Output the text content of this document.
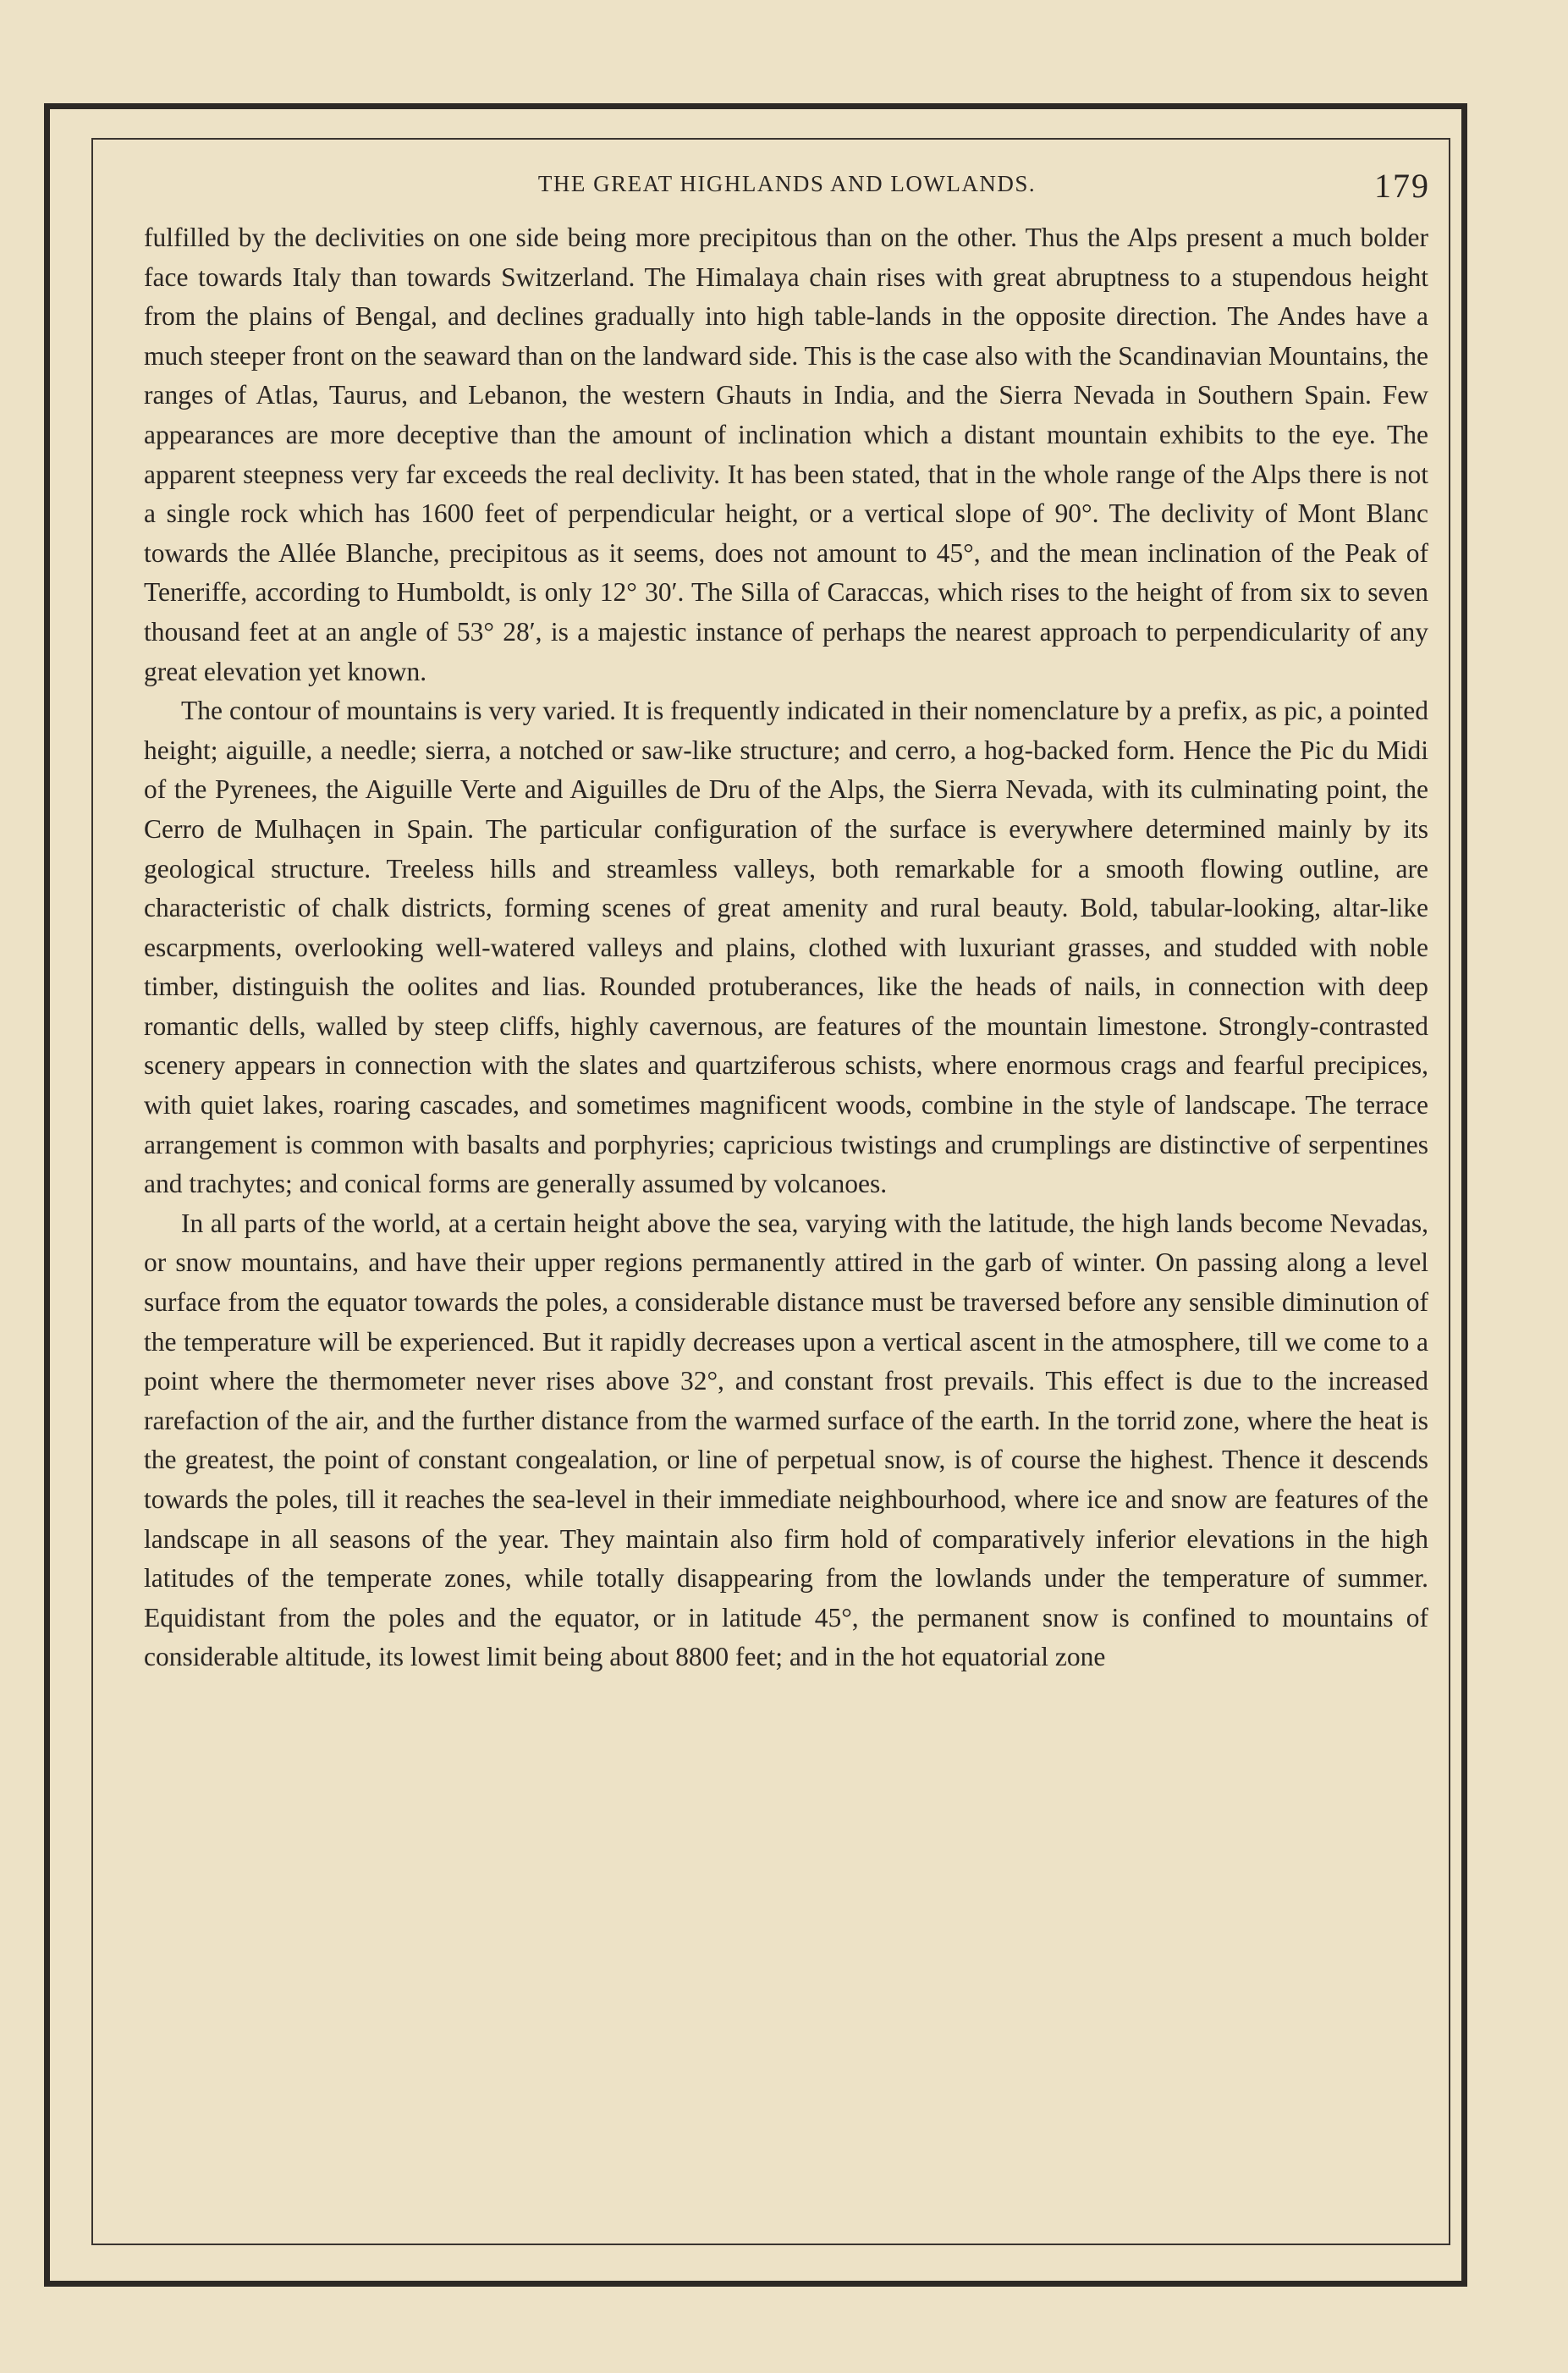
THE GREAT HIGHLANDS AND LOWLANDS.	179

fulfilled by the declivities on one side being more precipitous than on the other. Thus the Alps present a much bolder face towards Italy than towards Switzerland. The Himalaya chain rises with great abruptness to a stupendous height from the plains of Bengal, and declines gradually into high table-lands in the opposite direction. The Andes have a much steeper front on the seaward than on the landward side. This is the case also with the Scandinavian Mountains, the ranges of Atlas, Taurus, and Lebanon, the western Ghauts in India, and the Sierra Nevada in Southern Spain. Few appearances are more deceptive than the amount of inclination which a distant mountain exhibits to the eye. The apparent steepness very far exceeds the real declivity. It has been stated, that in the whole range of the Alps there is not a single rock which has 1600 feet of perpendicular height, or a vertical slope of 90°. The declivity of Mont Blanc towards the Allée Blanche, precipitous as it seems, does not amount to 45°, and the mean inclination of the Peak of Teneriffe, according to Humboldt, is only 12° 30′. The Silla of Caraccas, which rises to the height of from six to seven thousand feet at an angle of 53° 28′, is a majestic instance of perhaps the nearest approach to perpendicularity of any great elevation yet known.

The contour of mountains is very varied. It is frequently indicated in their nomenclature by a prefix, as pic, a pointed height; aiguille, a needle; sierra, a notched or saw-like structure; and cerro, a hog-backed form. Hence the Pic du Midi of the Pyrenees, the Aiguille Verte and Aiguilles de Dru of the Alps, the Sierra Nevada, with its culminating point, the Cerro de Mulhaçen in Spain. The particular configuration of the surface is everywhere determined mainly by its geological structure. Treeless hills and streamless valleys, both remarkable for a smooth flowing outline, are characteristic of chalk districts, forming scenes of great amenity and rural beauty. Bold, tabular-looking, altar-like escarpments, overlooking well-watered valleys and plains, clothed with luxuriant grasses, and studded with noble timber, distinguish the oolites and lias. Rounded protuberances, like the heads of nails, in connection with deep romantic dells, walled by steep cliffs, highly cavernous, are features of the mountain limestone. Strongly-contrasted scenery appears in connection with the slates and quartziferous schists, where enormous crags and fearful precipices, with quiet lakes, roaring cascades, and sometimes magnificent woods, combine in the style of landscape. The terrace arrangement is common with basalts and porphyries; capricious twistings and crumplings are distinctive of serpentines and trachytes; and conical forms are generally assumed by volcanoes.

In all parts of the world, at a certain height above the sea, varying with the latitude, the high lands become Nevadas, or snow mountains, and have their upper regions permanently attired in the garb of winter. On passing along a level surface from the equator towards the poles, a considerable distance must be traversed before any sensible diminution of the temperature will be experienced. But it rapidly decreases upon a vertical ascent in the atmosphere, till we come to a point where the thermometer never rises above 32°, and constant frost prevails. This effect is due to the increased rarefaction of the air, and the further distance from the warmed surface of the earth. In the torrid zone, where the heat is the greatest, the point of constant congealation, or line of perpetual snow, is of course the highest. Thence it descends towards the poles, till it reaches the sea-level in their immediate neighbourhood, where ice and snow are features of the landscape in all seasons of the year. They maintain also firm hold of comparatively inferior elevations in the high latitudes of the temperate zones, while totally disappearing from the lowlands under the temperature of summer. Equidistant from the poles and the equator, or in latitude 45°, the permanent snow is confined to mountains of considerable altitude, its lowest limit being about 8800 feet; and in the hot equatorial zone
